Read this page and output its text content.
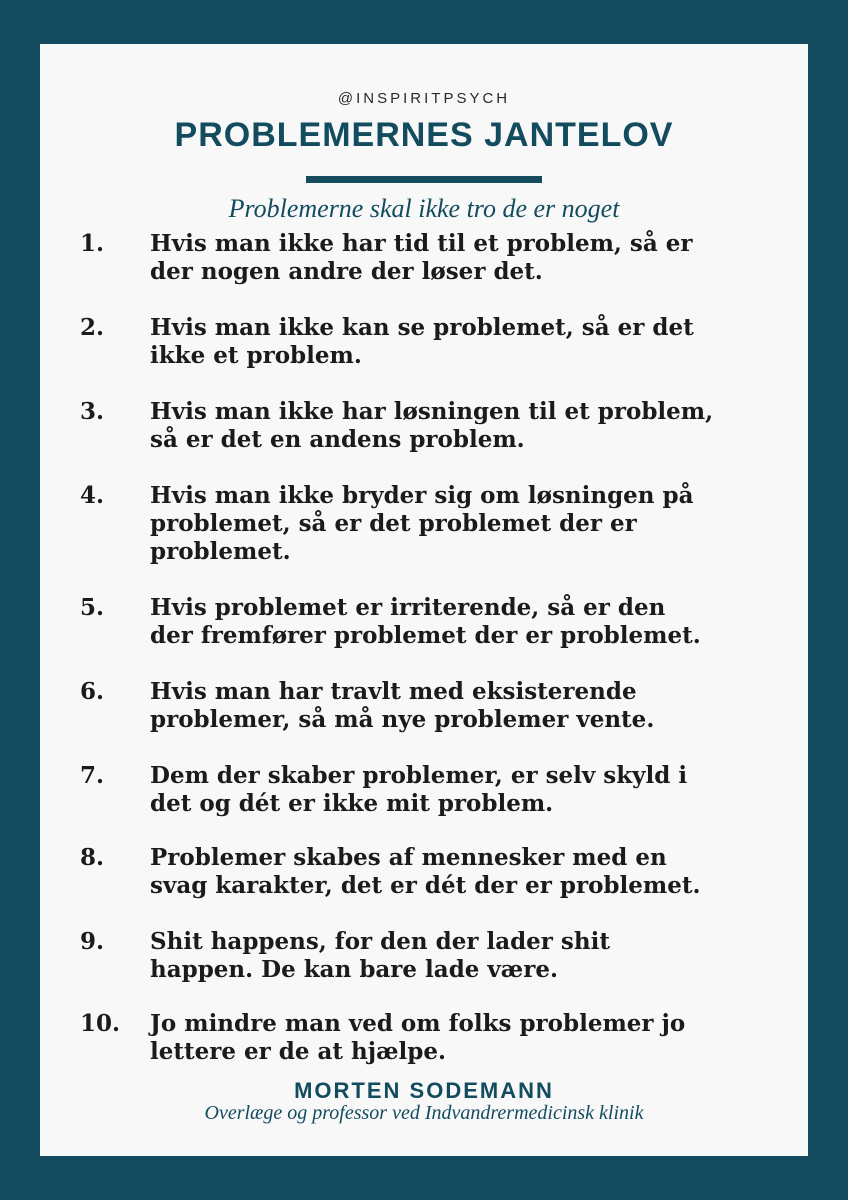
@INSPIRITPSYCH
PROBLEMERNES JANTELOV
Problemerne skal ikke tro de er noget
1. Hvis man ikke har tid til et problem, så er
der nogen andre der løser det.
2. Hvis man ikke kan se problemet, så er det
ikke et problem.
3. Hvis man ikke har løsningen til et problem,
så er det en andens problem.
4. Hvis man ikke bryder sig om løsningen på
problemet, så er det problemet der er
problemet.
5. Hvis problemet er irriterende, så er den
der fremfører problemet der er problemet.
6. Hvis man har travlt med eksisterende
problemer, så må nye problemer vente.
7. Dem der skaber problemer, er selv skyld i
det og dét er ikke mit problem.
8. Problemer skabes af mennesker med en
svag karakter, det er dét der er problemet.
9. Shit happens, for den der lader shit
happen. De kan bare lade være.
10. Jo mindre man ved om folks problemer jo
lettere er de at hjælpe.
MORTEN SODEMANN
Overlæge og professor ved Indvandrermedicinsk klinik
